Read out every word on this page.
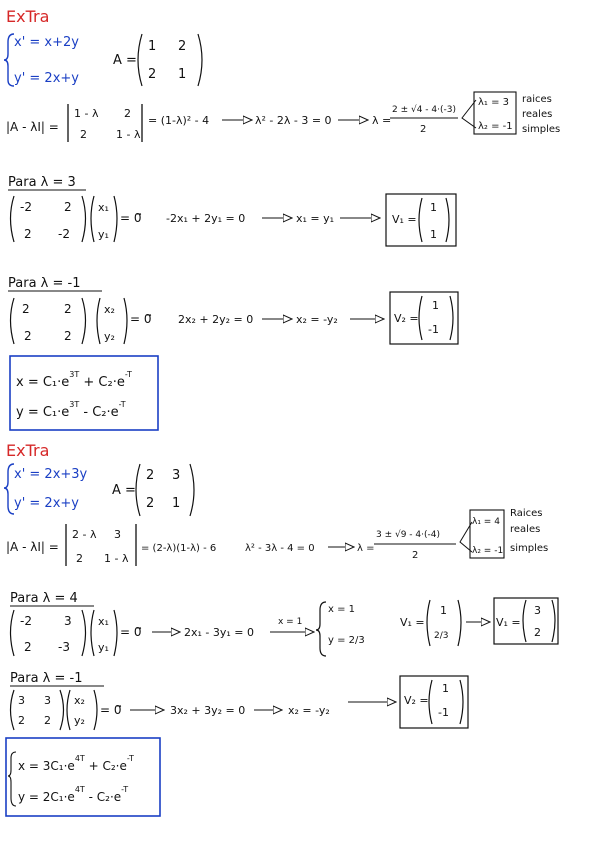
ExTra
x' = x+2y
y' = 2x+y
A =
1 2
2 1
|A - λI| =
1 - λ 2
2	1 - λ
= (1-λ)² - 4	λ² - 2λ - 3 = 0	λ =
2 ± √4 - 4·(-3)
2
λ₁ = 3
λ₂ = -1
raices
reales
simples
Para λ = 3
-2	2
2 -2
x₁
y₁
= 0⃗ -2x₁ + 2y₁ = 0	x₁ = y₁	V₁ =
1
1
Para λ = -1
2	2
2	2
x₂
y₂
= 0⃗ 2x₂ + 2y₂ = 0	x₂ = -y₂	V₂ =
1
-1
$x = C_1\cdot e^{3T} + C_2\cdot e^{-T}$
$y = C_1\cdot e^{3T} - C_2\cdot e^{-T}$
ExTra
x' = 2x+3y
y' = 2x+y
A =
2 3
2 1
|A - λI| =
2 - λ 3
2 1 - λ
= (2-λ)(1-λ) - 6	λ² - 3λ - 4 = 0	λ =
3 ± √9 - 4·(-4)
2
λ₁ = 4
λ₂ = -1
Raices
reales
simples
Para λ = 4
-2	3
2 -3
x₁
y₁
= 0⃗	2x₁ - 3y₁ = 0
x = 1
x = 1
y = 2/3
V₁ =
1
2/3
V₁ =
3
2
Para λ = -1
3 3
2 2
x₂
y₂
= 0⃗	3x₂ + 3y₂ = 0	x₂ = -y₂
V₂ =
1
-1
$x = 3C_1\cdot e^{4T} + C_2\cdot e^{-T}$
$y = 2C_1\cdot e^{4T} - C_2\cdot e^{-T}$
